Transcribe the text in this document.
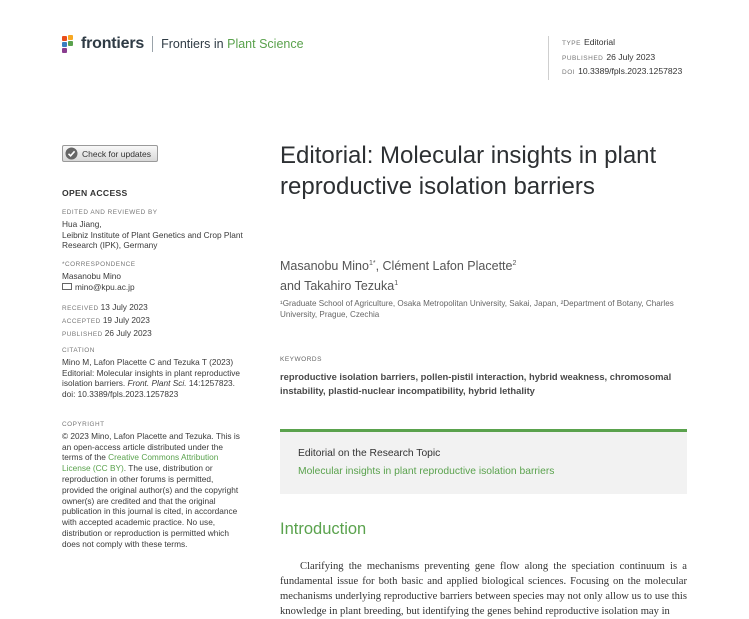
frontiers Frontiers in Plant Science	TYPE Editorial
PUBLISHED 26 July 2023
DOI 10.3389/fpls.2023.1257823
Check for updates
OPEN ACCESS
EDITED AND REVIEWED BY
Hua Jiang,
Leibniz Institute of Plant Genetics and Crop Plant Research (IPK), Germany
*CORRESPONDENCE
Masanobu Mino
mino@kpu.ac.jp
RECEIVED 13 July 2023
ACCEPTED 19 July 2023
PUBLISHED 26 July 2023
CITATION
Mino M, Lafon Placette C and Tezuka T (2023) Editorial: Molecular insights in plant reproductive isolation barriers. Front. Plant Sci. 14:1257823.
doi: 10.3389/fpls.2023.1257823
COPYRIGHT
© 2023 Mino, Lafon Placette and Tezuka. This is an open-access article distributed under the terms of the Creative Commons Attribution License (CC BY). The use, distribution or reproduction in other forums is permitted, provided the original author(s) and the copyright owner(s) are credited and that the original publication in this journal is cited, in accordance with accepted academic practice. No use, distribution or reproduction is permitted which does not comply with these terms.
Editorial: Molecular insights in plant reproductive isolation barriers
Masanobu Mino$^{1*}$, Clément Lafon Placette$^2$
and Takahiro Tezuka$^1$
¹Graduate School of Agriculture, Osaka Metropolitan University, Sakai, Japan, ²Department of Botany, Charles University, Prague, Czechia
KEYWORDS
reproductive isolation barriers, pollen-pistil interaction, hybrid weakness, chromosomal instability, plastid-nuclear incompatibility, hybrid lethality
Editorial on the Research Topic
Molecular insights in plant reproductive isolation barriers
Introduction

Clarifying the mechanisms preventing gene flow along the speciation continuum is a fundamental issue for both basic and applied biological sciences. Focusing on the molecular mechanisms underlying reproductive barriers between species may not only allow us to use this knowledge in plant breeding, but identifying the genes behind reproductive isolation may in
